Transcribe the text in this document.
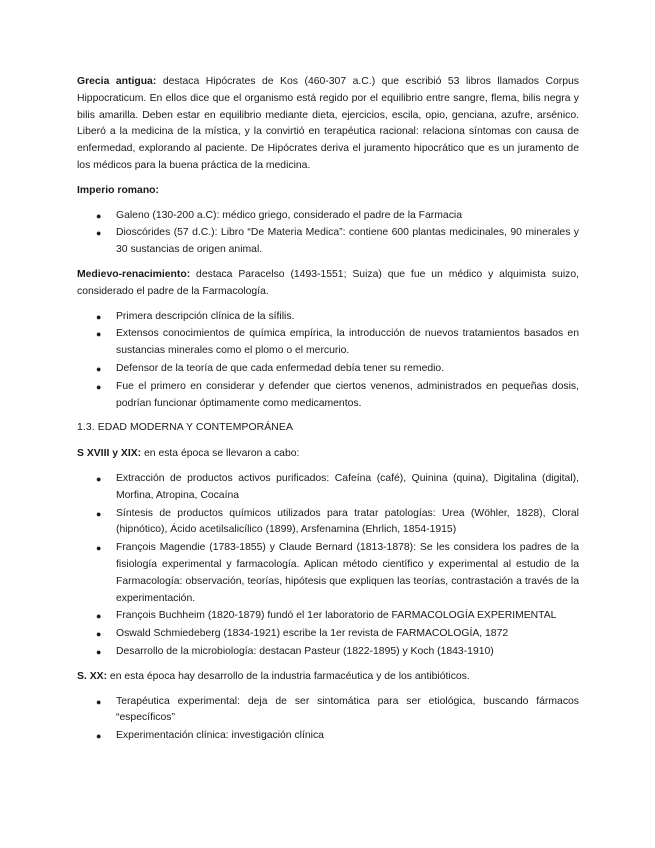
Grecia antigua: destaca Hipócrates de Kos (460-307 a.C.) que escribió 53 libros llamados Corpus Hippocraticum. En ellos dice que el organismo está regido por el equilibrio entre sangre, flema, bilis negra y bilis amarilla. Deben estar en equilibrio mediante dieta, ejercicios, escila, opio, genciana, azufre, arsénico. Liberó a la medicina de la mística, y la convirtió en terapéutica racional: relaciona síntomas con causa de enfermedad, explorando al paciente. De Hipócrates deriva el juramento hipocrático que es un juramento de los médicos para la buena práctica de la medicina.

Imperio romano:

● Galeno (130-200 a.C): médico griego, considerado el padre de la Farmacia
● Dioscórides (57 d.C.): Libro “De Materia Medica”: contiene 600 plantas medicinales, 90 minerales y 30 sustancias de origen animal.

Medievo-renacimiento: destaca Paracelso (1493-1551; Suiza) que fue un médico y alquimista suizo, considerado el padre de la Farmacología.

● Primera descripción clínica de la sífilis.
● Extensos conocimientos de química empírica, la introducción de nuevos tratamientos basados en sustancias minerales como el plomo o el mercurio.
● Defensor de la teoría de que cada enfermedad debía tener su remedio.
● Fue el primero en considerar y defender que ciertos venenos, administrados en pequeñas dosis, podrían funcionar óptimamente como medicamentos.

1.3. EDAD MODERNA Y CONTEMPORÁNEA

S XVIII y XIX: en esta época se llevaron a cabo:

● Extracción de productos activos purificados: Cafeína (café), Quinina (quina), Digitalina (digital), Morfina, Atropina, Cocaína
● Síntesis de productos químicos utilizados para tratar patologías: Urea (Wöhler, 1828), Cloral (hipnótico), Ácido acetilsalicílico (1899), Arsfenamina (Ehrlich, 1854-1915)
● François Magendie (1783-1855) y Claude Bernard (1813-1878): Se les considera los padres de la fisiología experimental y farmacología. Aplican método científico y experimental al estudio de la Farmacología: observación, teorías, hipótesis que expliquen las teorías, contrastación a través de la experimentación.
● François Buchheim (1820-1879) fundó el 1er laboratorio de FARMACOLOGÍA EXPERIMENTAL
● Oswald Schmiedeberg (1834-1921) escribe la 1er revista de FARMACOLOGÍA, 1872
● Desarrollo de la microbiología: destacan Pasteur (1822-1895) y Koch (1843-1910)

S. XX: en esta época hay desarrollo de la industria farmacéutica y de los antibióticos.

● Terapéutica experimental: deja de ser sintomática para ser etiológica, buscando fármacos “específicos”
● Experimentación clínica: investigación clínica
